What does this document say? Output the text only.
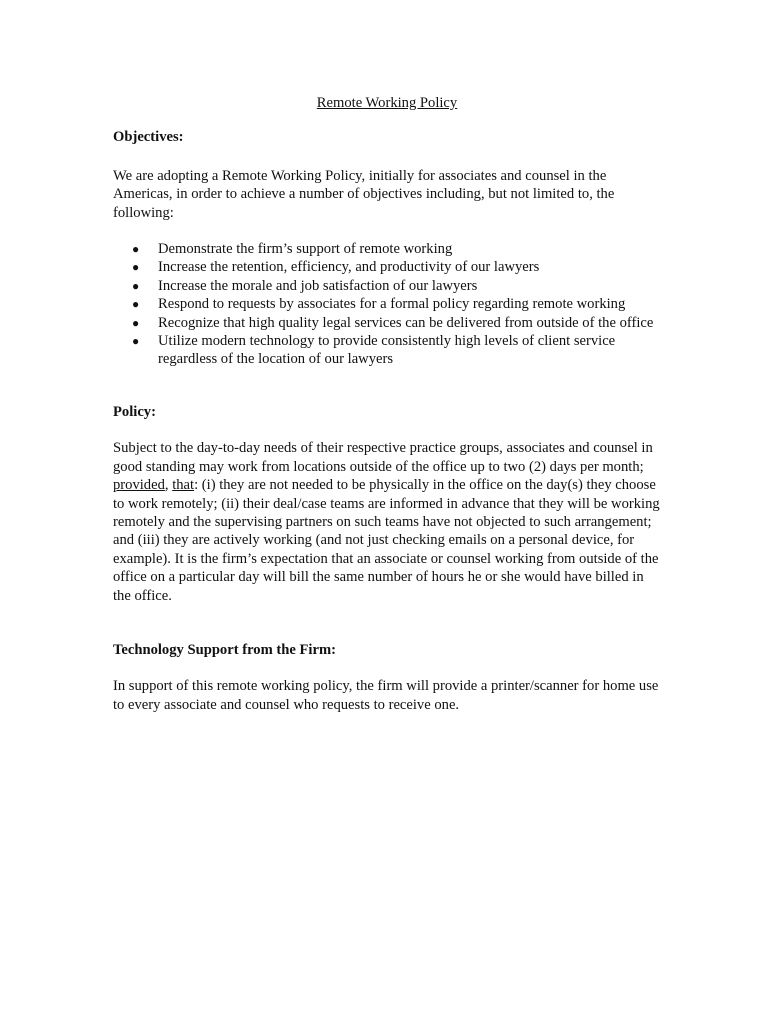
Remote Working Policy
Objectives:

We are adopting a Remote Working Policy, initially for associates and counsel in the Americas, in order to achieve a number of objectives including, but not limited to, the following:

● Demonstrate the firm’s support of remote working
● Increase the retention, efficiency, and productivity of our lawyers
● Increase the morale and job satisfaction of our lawyers
● Respond to requests by associates for a formal policy regarding remote working
● Recognize that high quality legal services can be delivered from outside of the office
● Utilize modern technology to provide consistently high levels of client service regardless of the location of our lawyers
Policy:

Subject to the day-to-day needs of their respective practice groups, associates and counsel in good standing may work from locations outside of the office up to two (2) days per month; provided, that: (i) they are not needed to be physically in the office on the day(s) they choose to work remotely; (ii) their deal/case teams are informed in advance that they will be working remotely and the supervising partners on such teams have not objected to such arrangement; and (iii) they are actively working (and not just checking emails on a personal device, for example). It is the firm’s expectation that an associate or counsel working from outside of the office on a particular day will bill the same number of hours he or she would have billed in the office.

Technology Support from the Firm:

In support of this remote working policy, the firm will provide a printer/scanner for home use to every associate and counsel who requests to receive one.
